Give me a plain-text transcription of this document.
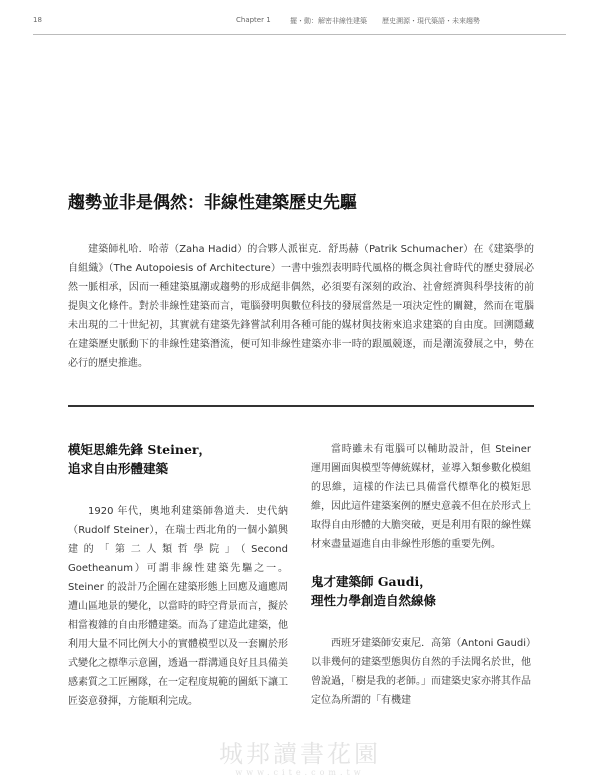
18	Chapter 1	擺・動：解密非線性建築 歷史溯源・現代築語・未來趨勢
趨勢並非是偶然：非線性建築歷史先驅

建築師札哈．哈蒂（Zaha Hadid）的合夥人派崔克．舒馬赫（Patrik Schumacher）在《建築學的自組織》（The Autopoiesis of Architecture）一書中強烈表明時代風格的概念與社會時代的歷史發展必然一脈相承，因而一種建築風潮或趨勢的形成絕非偶然，必須要有深刻的政治、社會經濟與科學技術的前提與文化條件。對於非線性建築而言，電腦發明與數位科技的發展當然是一項決定性的關鍵，然而在電腦未出現的二十世紀初，其實就有建築先鋒嘗試利用各種可能的媒材與技術來追求建築的自由度。回溯隱藏在建築歷史脈動下的非線性建築潛流，便可知非線性建築亦非一時的跟風競逐，而是潮流發展之中，勢在必行的歷史推進。

模矩思維先鋒 Steiner，
追求自由形體建築

1920 年代，奧地利建築師魯道夫．史代納（Rudolf Steiner），在瑞士西北角的一個小鎮興建的「第二人類哲學院」（Second Goetheanum）可謂非線性建築先驅之一。Steiner 的設計乃企圖在建築形態上回應及適應周遭山區地景的變化，以當時的時空背景而言，擬於相當複雜的自由形體建築。而為了建造此建築，他利用大量不同比例大小的實體模型以及一套關於形式變化之標準示意圖，透過一群溝通良好且具備美感素質之工匠團隊，在一定程度規範的圖紙下讓工匠姿意發揮，方能順利完成。

當時雖未有電腦可以輔助設計，但 Steiner 運用圖面與模型等傳統媒材，並導入類參數化模組的思維，這樣的作法已具備當代標準化的模矩思維，因此這件建築案例的歷史意義不但在於形式上取得自由形體的大膽突破，更是利用有限的線性媒材來盡量逼進自由非線性形態的重要先例。

鬼才建築師 Gaudi，
理性力學創造自然線條

西班牙建築師安東尼．高第（Antoni Gaudi）以非幾何的建築型態與仿自然的手法聞名於世，他曾說過，「樹是我的老師。」而建築史家亦將其作品定位為所謂的「有機建

城邦讀書花園
www.cite.com.tw
